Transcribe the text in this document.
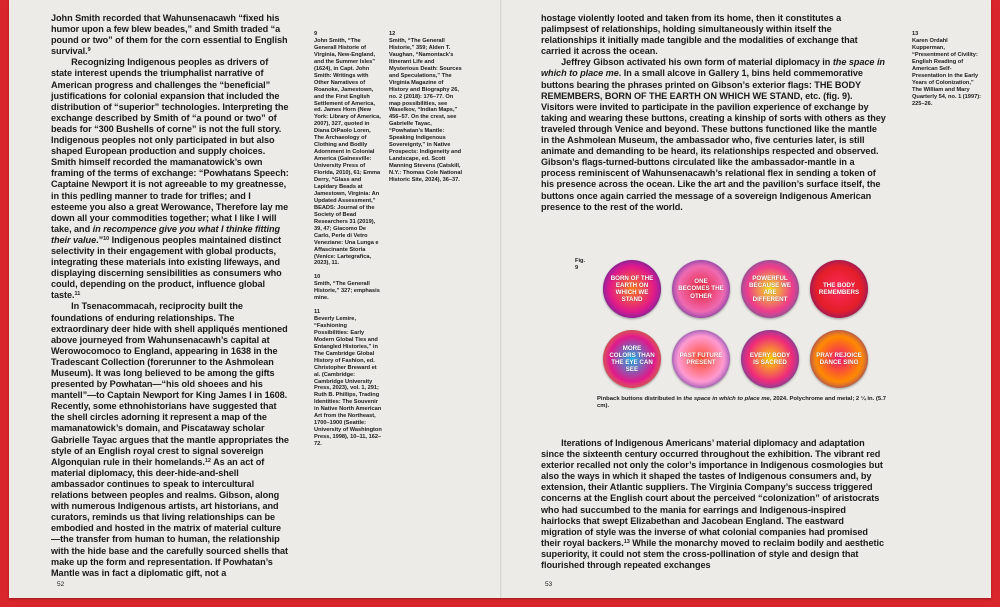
John Smith recorded that Wahunsenacawh “fixed his humor upon a few blew beades,” and Smith traded “a pound or two” of them for the corn essential to English survival.$^9$

Recognizing Indigenous peoples as drivers of state interest upends the triumphalist narrative of American progress and challenges the “beneficial” justifications for colonial expansion that included the distribution of “superior” technologies. Interpreting the exchange described by Smith of “a pound or two” of beads for “300 Bushells of corne” is not the full story. Indigenous peoples not only participated in but also shaped European production and supply choices. Smith himself recorded the mamanatowick’s own framing of the terms of exchange: “Powhatans Speech: Captaine Newport it is not agreeable to my greatnesse, in this pedling manner to trade for trifles; and I esteeme you also a great Werowance, Therefore lay me down all your commodities together; what I like I will take, and in recompence give you what I thinke fitting their value.”$^{10}$ Indigenous peoples maintained distinct selectivity in their engagement with global products, integrating these materials into existing lifeways, and displaying discerning sensibilities as consumers who could, depending on the product, influence global taste.$^{11}$

In Tsenacommacah, reciprocity built the foundations of enduring relationships. The extraordinary deer hide with shell appliqués mentioned above journeyed from Wahunsenacawh’s capital at Werowocomoco to England, appearing in 1638 in the Tradescant Collection (forerunner to the Ashmolean Museum). It was long believed to be among the gifts presented by Powhatan—“his old shoees and his mantell”—to Captain Newport for King James I in 1608. Recently, some ethnohistorians have suggested that the shell circles adorning it represent a map of the mamanatowick’s domain, and Piscataway scholar Gabrielle Tayac argues that the mantle appropriates the style of an English royal crest to signal sovereign Algonquian rule in their homelands.$^{12}$ As an act of material diplomacy, this deer-hide-and-shell ambassador continues to speak to intercultural relations between peoples and realms. Gibson, along with numerous Indigenous artists, art historians, and curators, reminds us that living relationships can be embodied and hosted in the matrix of material culture—the transfer from human to human, the relationship with the hide base and the carefully sourced shells that make up the form and representation. If Powhatan’s Mantle was in fact a diplomatic gift, not a

9
John Smith, “The Generall Historie of Virginia, New-England, and the Summer Isles” (1624), in Capt. John Smith: Writings with Other Narratives of Roanoke, Jamestown, and the First English Settlement of America, ed. James Horn (New York: Library of America, 2007), 327, quoted in Diana DiPaolo Loren, The Archaeology of Clothing and Bodily Adornment in Colonial America (Gainesville: University Press of Florida, 2010), 61; Emma Derry, “Glass and Lapidary Beads at Jamestown, Virginia: An Updated Assessment,” BEADS: Journal of the Society of Bead Researchers 31 (2019), 39, 47; Giacomo De Carlo, Perle di Vetro Veneziane: Una Lunga e Affascinante Storia (Venice: Lartegrafica, 2023), 11.
10
Smith, “The Generall Historie,” 327; emphasis mine.
11
Beverly Lemire, “Fashioning Possibilities: Early Modern Global Ties and Entangled Histories,” in The Cambridge Global History of Fashion, ed. Christopher Breward et al. (Cambridge: Cambridge University Press, 2023), vol. 1, 291; Ruth B. Phillips, Trading Identities: The Souvenir in Native North American Art from the Northeast, 1700–1900 (Seattle: University of Washington Press, 1998), 10–11, 162–72.
12
Smith, “The Generall Historie,” 359; Alden T. Vaughan, “Namontack’s Itinerant Life and Mysterious Death: Sources and Speculations,” The Virginia Magazine of History and Biography 26, no. 2 (2018): 176–77. On map possibilities, see Waselkov, “Indian Maps,” 456–57. On the crest, see Gabrielle Tayac, “Powhatan’s Mantle: Speaking Indigenous Sovereignty,” in Native Prospects: Indigeneity and Landscape, ed. Scott Manning Stevens (Catskill, N.Y.: Thomas Cole National Historic Site, 2024), 36–37.
52

hostage violently looted and taken from its home, then it constitutes a palimpsest of relationships, holding simultaneously within itself the relationships it initially made tangible and the modalities of exchange that carried it across the ocean.

Jeffrey Gibson activated his own form of material diplomacy in the space in which to place me. In a small alcove in Gallery 1, bins held commemorative buttons bearing the phrases printed on Gibson’s exterior flags: THE BODY REMEMBERS, BORN OF THE EARTH ON WHICH WE STAND, etc. (fig. 9). Visitors were invited to participate in the pavilion experience of exchange by taking and wearing these buttons, creating a kinship of sorts with others as they traveled through Venice and beyond. These buttons functioned like the mantle in the Ashmolean Museum, the ambassador who, five centuries later, is still animate and demanding to be heard, its relationships respected and observed. Gibson’s flags-turned-buttons circulated like the ambassador-mantle in a process reminiscent of Wahunsenacawh’s relational flex in sending a token of his presence across the ocean. Like the art and the pavilion’s surface itself, the buttons once again carried the message of a sovereign Indigenous American presence to the rest of the world.

13
Karen Ordahl Kupperman, “Presentment of Civility: English Reading of American Self-Presentation in the Early Years of Colonization,” The William and Mary Quarterly 54, no. 1 (1997): 225–26.
Fig. 9
BORN OF THE EARTH ON WHICH WE STAND
ONE BECOMES THE OTHER
POWERFUL BECAUSE WE ARE DIFFERENT
THE BODY REMEMBERS
MORE COLORS THAN THE EYE CAN SEE
PAST FUTURE PRESENT
EVERY BODY IS SACRED
PRAY REJOICE DANCE SING
Pinback buttons distributed in the space in which to place me, 2024. Polychrome and metal; 2 ¼ in. (5.7 cm).

Iterations of Indigenous Americans’ material diplomacy and adaptation since the sixteenth century occurred throughout the exhibition. The vibrant red exterior recalled not only the color’s importance in Indigenous cosmologies but also the ways in which it shaped the tastes of Indigenous consumers and, by extension, their Atlantic suppliers. The Virginia Company’s success triggered concerns at the English court about the perceived “colonization” of aristocrats who had succumbed to the mania for earrings and Indigenous-inspired hairlocks that swept Elizabethan and Jacobean England. The eastward migration of style was the inverse of what colonial companies had promised their royal backers.$^{13}$ While the monarchy moved to reclaim bodily and aesthetic superiority, it could not stem the cross-pollination of style and design that flourished through repeated exchanges

53
